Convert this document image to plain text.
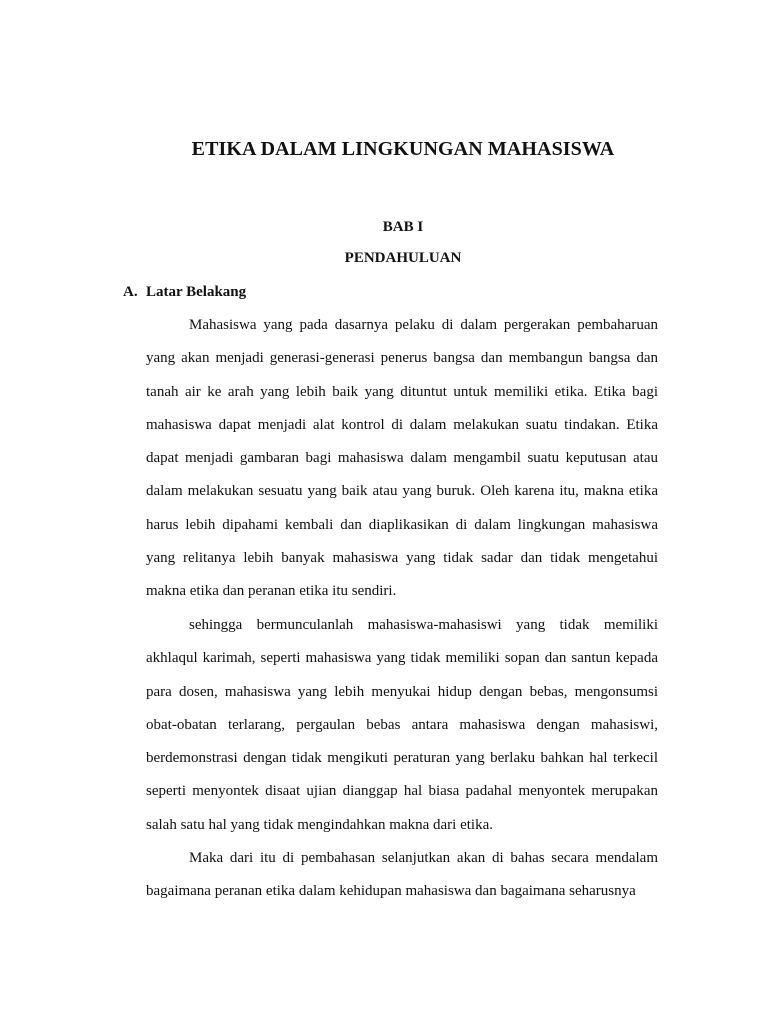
ETIKA DALAM LINGKUNGAN MAHASISWA

BAB I

PENDAHULUAN

A. Latar Belakang

Mahasiswa yang pada dasarnya pelaku di dalam pergerakan pembaharuan yang akan menjadi generasi-generasi penerus bangsa dan membangun bangsa dan tanah air ke arah yang lebih baik yang dituntut untuk memiliki etika. Etika bagi mahasiswa dapat menjadi alat kontrol di dalam melakukan suatu tindakan. Etika dapat menjadi gambaran bagi mahasiswa dalam mengambil suatu keputusan atau dalam melakukan sesuatu yang baik atau yang buruk. Oleh karena itu, makna etika harus lebih dipahami kembali dan diaplikasikan di dalam lingkungan mahasiswa yang relitanya lebih banyak mahasiswa yang tidak sadar dan tidak mengetahui makna etika dan peranan etika itu sendiri.

sehingga bermunculanlah mahasiswa-mahasiswi yang tidak memiliki akhlaqul karimah, seperti mahasiswa yang tidak memiliki sopan dan santun kepada para dosen, mahasiswa yang lebih menyukai hidup dengan bebas, mengonsumsi obat-obatan terlarang, pergaulan bebas antara mahasiswa dengan mahasiswi, berdemonstrasi dengan tidak mengikuti peraturan yang berlaku bahkan hal terkecil seperti menyontek disaat ujian dianggap hal biasa padahal menyontek merupakan salah satu hal yang tidak mengindahkan makna dari etika.

Maka dari itu di pembahasan selanjutkan akan di bahas secara mendalam bagaimana peranan etika dalam kehidupan mahasiswa dan bagaimana seharusnya
